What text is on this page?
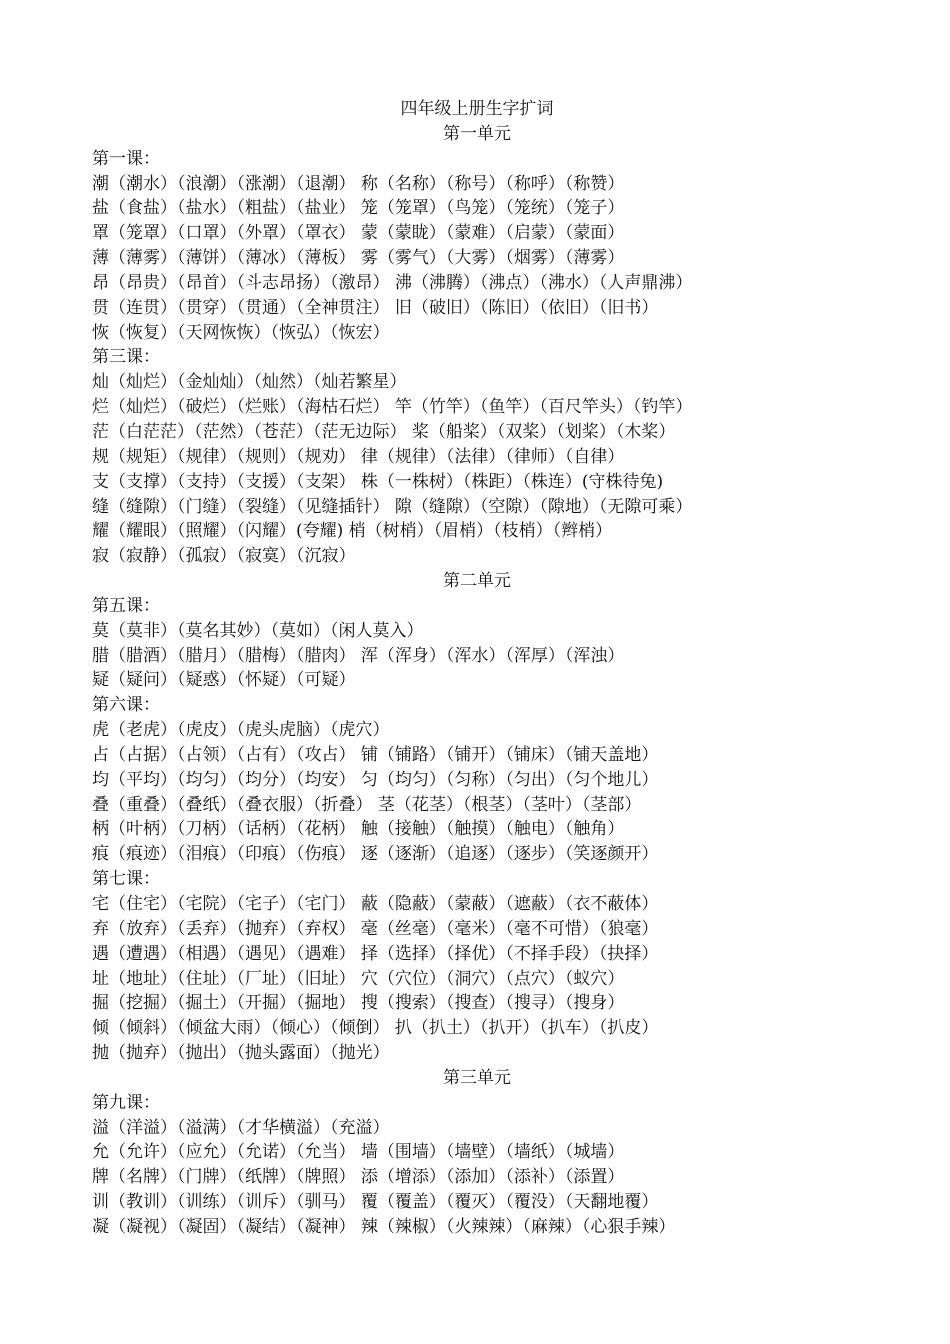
四年级上册生字扩词
第一单元
第一课：
潮（潮水）（浪潮）（涨潮）（退潮） 称（名称）（称号）（称呼）（称赞）
盐（食盐）（盐水）（粗盐）（盐业） 笼（笼罩）（鸟笼）（笼统）（笼子）
罩（笼罩）（口罩）（外罩）（罩衣） 蒙（蒙眬）（蒙难）（启蒙）（蒙面）
薄（薄雾）（薄饼）（薄冰）（薄板） 雾（雾气）（大雾）（烟雾）（薄雾）
昂（昂贵）（昂首）（斗志昂扬）（激昂） 沸（沸腾）（沸点）（沸水）（人声鼎沸）
贯（连贯）（贯穿）（贯通）（全神贯注） 旧（破旧）（陈旧）（依旧）（旧书）
恢（恢复）（天网恢恢）（恢弘）（恢宏）
第三课：
灿（灿烂）（金灿灿）（灿然）（灿若繁星）
烂（灿烂）（破烂）（烂账）（海枯石烂） 竿（竹竿）（鱼竿）（百尺竿头）（钓竿）
茫（白茫茫）（茫然）（苍茫）（茫无边际） 桨（船桨）（双桨）（划桨）（木桨）
规（规矩）（规律）（规则）（规劝） 律（规律）（法律）（律师）（自律）
支（支撑）（支持）（支援）（支架） 株（一株树）（株距）（株连）(守株待兔)
缝（缝隙）（门缝）（裂缝）（见缝插针） 隙（缝隙）（空隙）（隙地）（无隙可乘）
耀（耀眼）（照耀）（闪耀）(夸耀) 梢（树梢）（眉梢）（枝梢）（辫梢）
寂（寂静）（孤寂）（寂寞）（沉寂）
第二单元
第五课：
莫（莫非）（莫名其妙）（莫如）（闲人莫入）
腊（腊酒）（腊月）（腊梅）（腊肉） 浑（浑身）（浑水）（浑厚）（浑浊）
疑（疑问）（疑惑）（怀疑）（可疑）
第六课：
虎（老虎）（虎皮）（虎头虎脑）（虎穴）
占（占据）（占领）（占有）（攻占） 铺（铺路）（铺开）（铺床）（铺天盖地）
均（平均）（均匀）（均分）（均安） 匀（均匀）（匀称）（匀出）（匀个地儿）
叠（重叠）（叠纸）（叠衣服）（折叠） 茎（花茎）（根茎）（茎叶）（茎部）
柄（叶柄）（刀柄）（话柄）（花柄） 触（接触）（触摸）（触电）（触角）
痕（痕迹）（泪痕）（印痕）（伤痕） 逐（逐渐）（追逐）（逐步）（笑逐颜开）
第七课：
宅（住宅）（宅院）（宅子）（宅门） 蔽（隐蔽）（蒙蔽）（遮蔽）（衣不蔽体）
弃（放弃）（丢弃）（抛弃）（弃权） 毫（丝毫）（毫米）（毫不可惜）（狼毫）
遇（遭遇）（相遇）（遇见）（遇难） 择（选择）（择优）（不择手段）（抉择）
址（地址）（住址）（厂址）（旧址） 穴（穴位）（洞穴）（点穴）（蚁穴）
掘（挖掘）（掘土）（开掘）（掘地） 搜（搜索）（搜查）（搜寻）（搜身）
倾（倾斜）（倾盆大雨）（倾心）（倾倒） 扒（扒土）（扒开）（扒车）（扒皮）
抛（抛弃）（抛出）（抛头露面）（抛光）
第三单元
第九课：
溢（洋溢）（溢满）（才华横溢）（充溢）
允（允许）（应允）（允诺）（允当） 墙（围墙）（墙壁）（墙纸）（城墙）
牌（名牌）（门牌）（纸牌）（牌照） 添（增添）（添加）（添补）（添置）
训（教训）（训练）（训斥）（驯马） 覆（覆盖）（覆灭）（覆没）（天翻地覆）
凝（凝视）（凝固）（凝结）（凝神） 辣（辣椒）（火辣辣）（麻辣）（心狠手辣）
